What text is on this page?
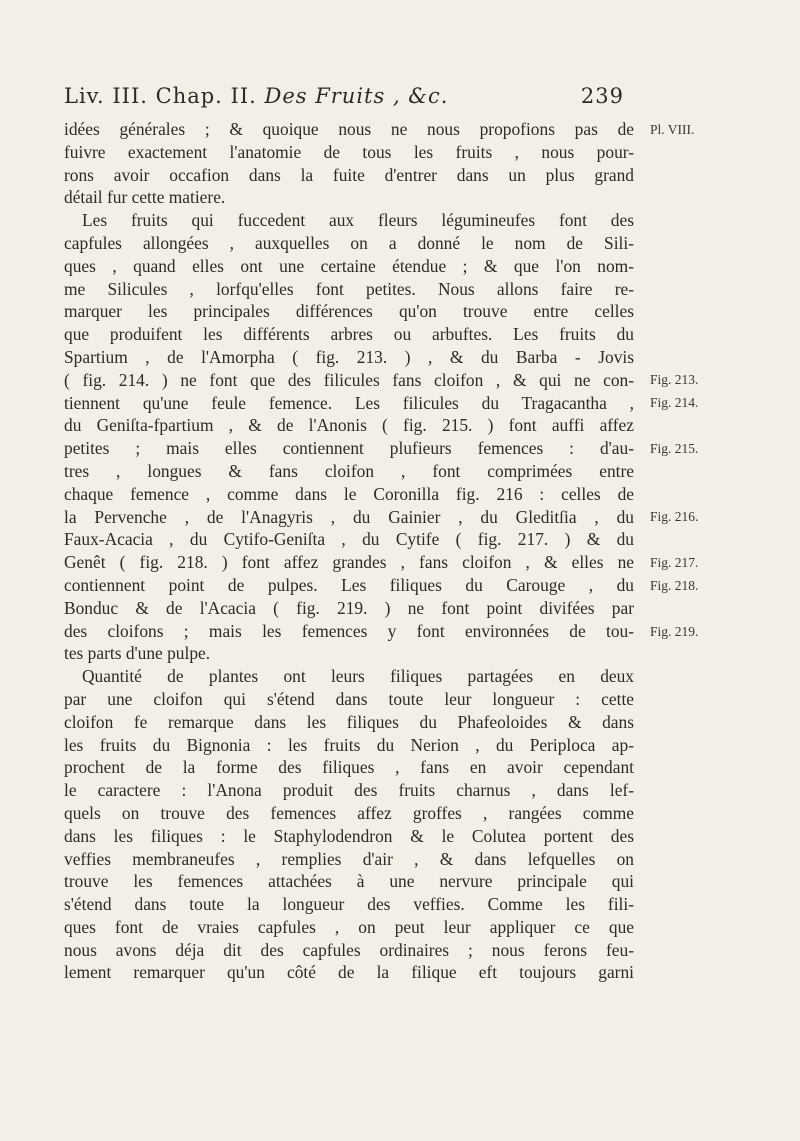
Liv. III. Chap. II. Des Fruits , &c.	239
idées générales ; & quoique nous ne nous propofions pas de
fuivre exactement l'anatomie de tous les fruits , nous pour-
rons avoir occafion dans la fuite d'entrer dans un plus grand
détail fur cette matiere.
Les fruits qui fuccedent aux fleurs légumineufes font des
capfules allongées , auxquelles on a donné le nom de Sili-
ques , quand elles ont une certaine étendue ; & que l'on nom-
me Silicules , lorfqu'elles font petites. Nous allons faire re-
marquer les principales différences qu'on trouve entre celles
que produifent les différents arbres ou arbuftes. Les fruits du
Spartium , de l'Amorpha ( fig. 213. ) , & du Barba - Jovis
( fig. 214. ) ne font que des filicules fans cloifon , & qui ne con-
tiennent qu'une feule femence. Les filicules du Tragacantha ,
du Geniſta-fpartium , & de l'Anonis ( fig. 215. ) font auffi affez
petites ; mais elles contiennent plufieurs femences : d'au-
tres , longues & fans cloifon , font comprimées entre
chaque femence , comme dans le Coronilla fig. 216 : celles de
la Pervenche , de l'Anagyris , du Gainier , du Gleditſia , du
Faux-Acacia , du Cytifo-Geniſta , du Cytife ( fig. 217. ) & du
Genêt ( fig. 218. ) font affez grandes , fans cloifon , & elles ne
contiennent point de pulpes. Les filiques du Carouge , du
Bonduc & de l'Acacia ( fig. 219. ) ne font point divifées par
des cloifons ; mais les femences y font environnées de tou-
tes parts d'une pulpe.
Quantité de plantes ont leurs filiques partagées en deux
par une cloifon qui s'étend dans toute leur longueur : cette
cloifon fe remarque dans les filiques du Phafeoloides & dans
les fruits du Bignonia : les fruits du Nerion , du Periploca ap-
prochent de la forme des filiques , fans en avoir cependant
le caractere : l'Anona produit des fruits charnus , dans lef-
quels on trouve des femences affez groffes , rangées comme
dans les filiques : le Staphylodendron & le Colutea portent des
veffies membraneufes , remplies d'air , & dans lefquelles on
trouve les femences attachées à une nervure principale qui
s'étend dans toute la longueur des veffies. Comme les fili-
ques font de vraies capfules , on peut leur appliquer ce que
nous avons déja dit des capfules ordinaires ; nous ferons feu-
lement remarquer qu'un côté de la filique eft toujours garni
Pl. VIII.
Fig. 213.
Fig. 214.
Fig. 215.
Fig. 216.
Fig. 217.
Fig. 218.
Fig. 219.
